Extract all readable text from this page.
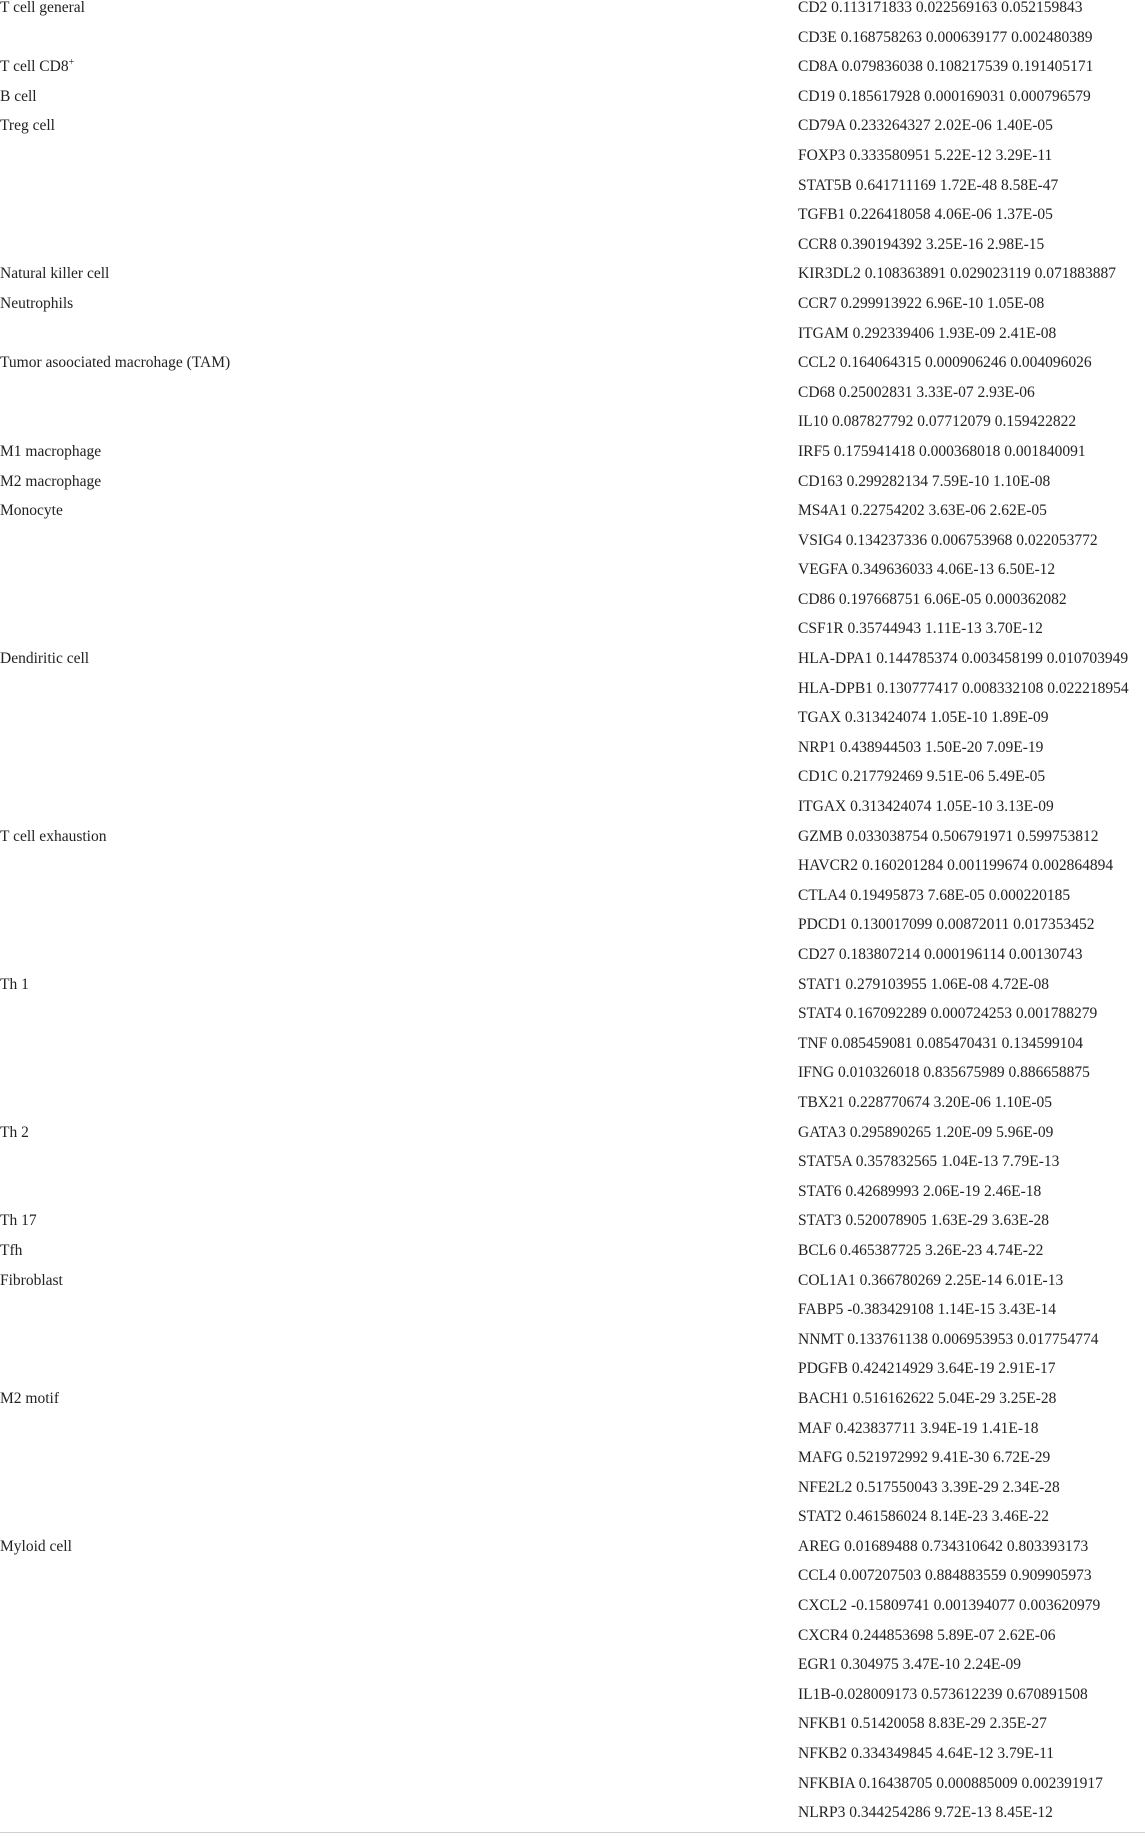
T cell general	CD2 0.113171833 0.022569163 0.052159843
	CD3E 0.168758263 0.000639177 0.002480389
T cell CD8+	CD8A 0.079836038 0.108217539 0.191405171
B cell	CD19 0.185617928 0.000169031 0.000796579
Treg cell	CD79A 0.233264327 2.02E-06 1.40E-05
	FOXP3 0.333580951 5.22E-12 3.29E-11
	STAT5B 0.641711169 1.72E-48 8.58E-47
	TGFB1 0.226418058 4.06E-06 1.37E-05
	CCR8 0.390194392 3.25E-16 2.98E-15
Natural killer cell	KIR3DL2 0.108363891 0.029023119 0.071883887
Neutrophils	CCR7 0.299913922 6.96E-10 1.05E-08
	ITGAM 0.292339406 1.93E-09 2.41E-08
Tumor asoociated macrohage (TAM)	CCL2 0.164064315 0.000906246 0.004096026
	CD68 0.25002831 3.33E-07 2.93E-06
	IL10 0.087827792 0.07712079 0.159422822
M1 macrophage	IRF5 0.175941418 0.000368018 0.001840091
M2 macrophage	CD163 0.299282134 7.59E-10 1.10E-08
Monocyte	MS4A1 0.22754202 3.63E-06 2.62E-05
	VSIG4 0.134237336 0.006753968 0.022053772
	VEGFA 0.349636033 4.06E-13 6.50E-12
	CD86 0.197668751 6.06E-05 0.000362082
	CSF1R 0.35744943 1.11E-13 3.70E-12
Dendiritic cell	HLA-DPA1 0.144785374 0.003458199 0.010703949
	HLA-DPB1 0.130777417 0.008332108 0.022218954
	TGAX 0.313424074 1.05E-10 1.89E-09
	NRP1 0.438944503 1.50E-20 7.09E-19
	CD1C 0.217792469 9.51E-06 5.49E-05
	ITGAX 0.313424074 1.05E-10 3.13E-09
T cell exhaustion	GZMB 0.033038754 0.506791971 0.599753812
	HAVCR2 0.160201284 0.001199674 0.002864894
	CTLA4 0.19495873 7.68E-05 0.000220185
	PDCD1 0.130017099 0.00872011 0.017353452
	CD27 0.183807214 0.000196114 0.00130743
Th 1	STAT1 0.279103955 1.06E-08 4.72E-08
	STAT4 0.167092289 0.000724253 0.001788279
	TNF 0.085459081 0.085470431 0.134599104
	IFNG 0.010326018 0.835675989 0.886658875
	TBX21 0.228770674 3.20E-06 1.10E-05
Th 2	GATA3 0.295890265 1.20E-09 5.96E-09
	STAT5A 0.357832565 1.04E-13 7.79E-13
	STAT6 0.42689993 2.06E-19 2.46E-18
Th 17	STAT3 0.520078905 1.63E-29 3.63E-28
Tfh	BCL6 0.465387725 3.26E-23 4.74E-22
Fibroblast	COL1A1 0.366780269 2.25E-14 6.01E-13
	FABP5 -0.383429108 1.14E-15 3.43E-14
	NNMT 0.133761138 0.006953953 0.017754774
	PDGFB 0.424214929 3.64E-19 2.91E-17
M2 motif	BACH1 0.516162622 5.04E-29 3.25E-28
	MAF 0.423837711 3.94E-19 1.41E-18
	MAFG 0.521972992 9.41E-30 6.72E-29
	NFE2L2 0.517550043 3.39E-29 2.34E-28
	STAT2 0.461586024 8.14E-23 3.46E-22
Myloid cell	AREG 0.01689488 0.734310642 0.803393173
	CCL4 0.007207503 0.884883559 0.909905973
	CXCL2 -0.15809741 0.001394077 0.003620979
	CXCR4 0.244853698 5.89E-07 2.62E-06
	EGR1 0.304975 3.47E-10 2.24E-09
	IL1B-0.028009173 0.573612239 0.670891508
	NFKB1 0.51420058 8.83E-29 2.35E-27
	NFKB2 0.334349845 4.64E-12 3.79E-11
	NFKBIA 0.16438705 0.000885009 0.002391917
	NLRP3 0.344254286 9.72E-13 8.45E-12
